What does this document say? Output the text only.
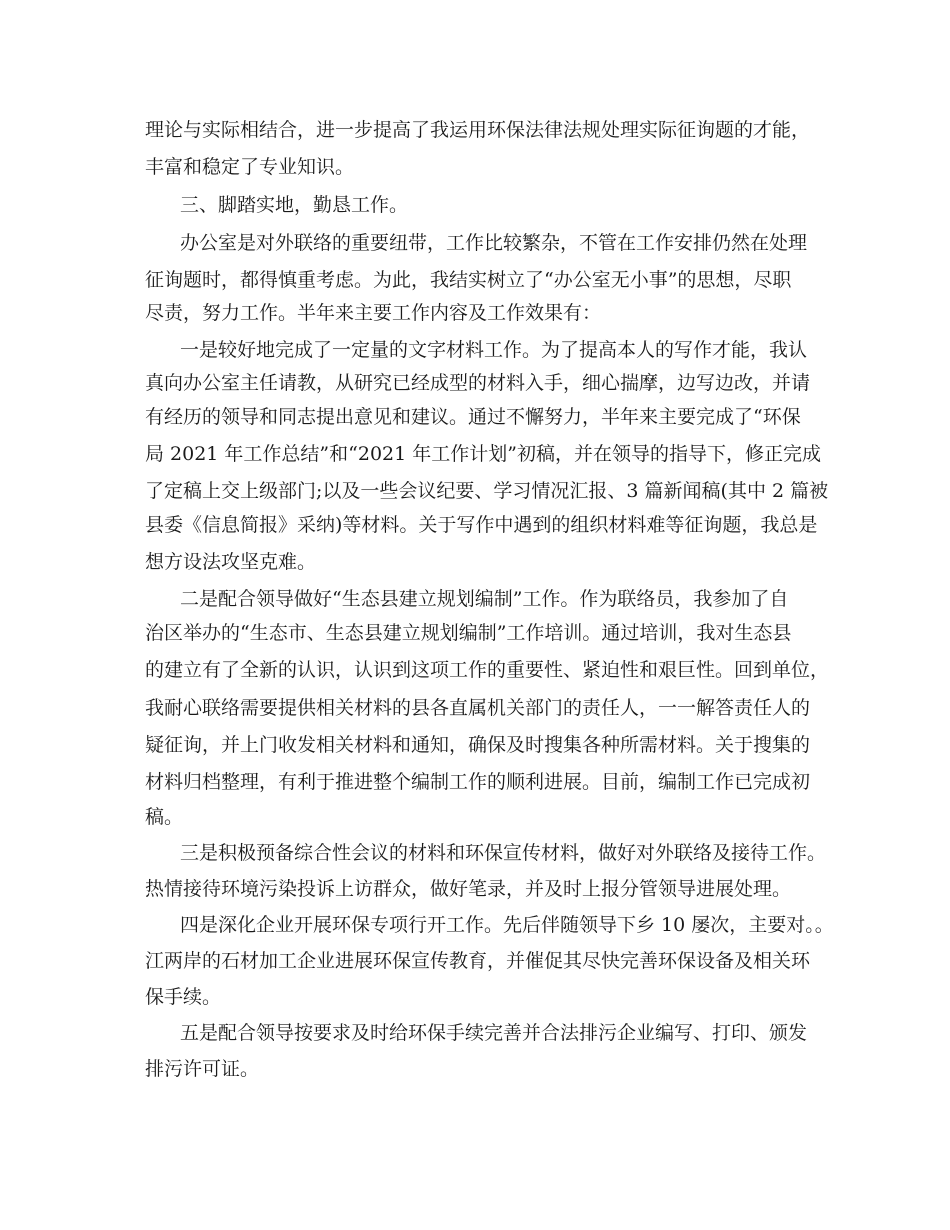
理论与实际相结合，进一步提高了我运用环保法律法规处理实际征询题的才能，
丰富和稳定了专业知识。
三、脚踏实地，勤恳工作。
办公室是对外联络的重要纽带，工作比较繁杂，不管在工作安排仍然在处理
征询题时，都得慎重考虑。为此，我结实树立了“办公室无小事”的思想，尽职
尽责，努力工作。半年来主要工作内容及工作效果有：
一是较好地完成了一定量的文字材料工作。为了提高本人的写作才能，我认
真向办公室主任请教，从研究已经成型的材料入手，细心揣摩，边写边改，并请
有经历的领导和同志提出意见和建议。通过不懈努力，半年来主要完成了“环保
局 2021 年工作总结”和“2021 年工作计划”初稿，并在领导的指导下，修正完成
了定稿上交上级部门;以及一些会议纪要、学习情况汇报、3 篇新闻稿(其中 2 篇被
县委《信息简报》采纳)等材料。关于写作中遇到的组织材料难等征询题，我总是
想方设法攻坚克难。
二是配合领导做好“生态县建立规划编制”工作。作为联络员，我参加了自
治区举办的“生态市、生态县建立规划编制”工作培训。通过培训，我对生态县
的建立有了全新的认识，认识到这项工作的重要性、紧迫性和艰巨性。回到单位，
我耐心联络需要提供相关材料的县各直属机关部门的责任人，一一解答责任人的
疑征询，并上门收发相关材料和通知，确保及时搜集各种所需材料。关于搜集的
材料归档整理，有利于推进整个编制工作的顺利进展。目前，编制工作已完成初
稿。
三是积极预备综合性会议的材料和环保宣传材料，做好对外联络及接待工作。
热情接待环境污染投诉上访群众，做好笔录，并及时上报分管领导进展处理。
四是深化企业开展环保专项行开工作。先后伴随领导下乡 10 屡次，主要对。。
江两岸的石材加工企业进展环保宣传教育，并催促其尽快完善环保设备及相关环
保手续。
五是配合领导按要求及时给环保手续完善并合法排污企业编写、打印、颁发
排污许可证。
